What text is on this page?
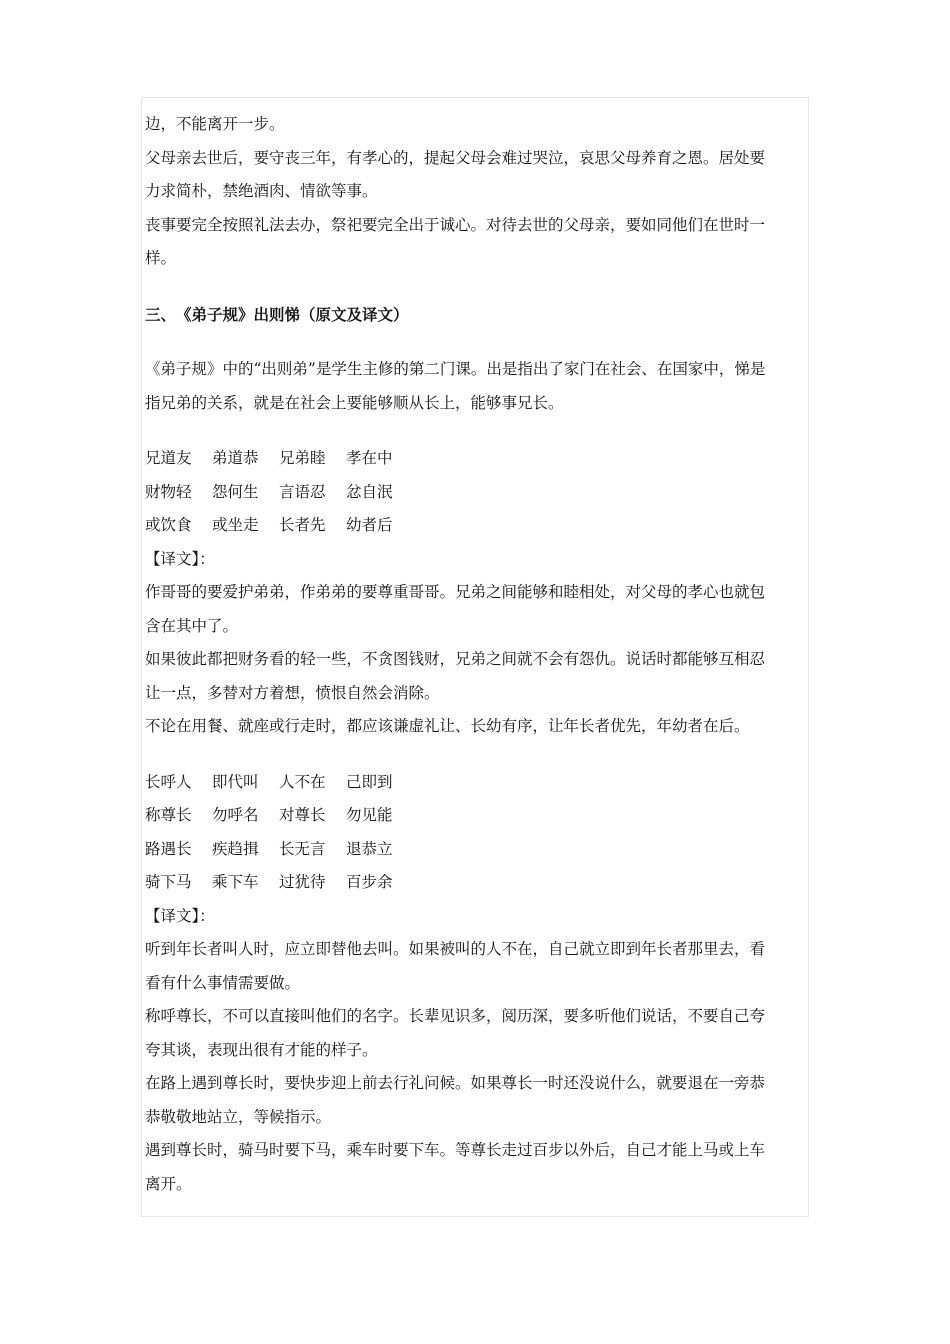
边，不能离开一步。
父母亲去世后，要守丧三年，有孝心的，提起父母会难过哭泣，哀思父母养育之恩。居处要
力求简朴，禁绝酒肉、情欲等事。
丧事要完全按照礼法去办，祭祀要完全出于诚心。对待去世的父母亲，要如同他们在世时一
样。
三、　《弟子规》出则悌（原文及译文）
《弟子规》中的“出则弟”是学生主修的第二门课。出是指出了家门在社会、在国家中，悌是
指兄弟的关系，就是在社会上要能够顺从长上，能够事兄长。
兄道友	弟道恭	兄弟睦	孝在中
财物轻	怨何生	言语忍	忿自泯
或饮食	或坐走	长者先	幼者后
【译文】：
作哥哥的要爱护弟弟，作弟弟的要尊重哥哥。兄弟之间能够和睦相处，对父母的孝心也就包
含在其中了。
如果彼此都把财务看的轻一些，不贪图钱财，兄弟之间就不会有怨仇。说话时都能够互相忍
让一点，多替对方着想，愤恨自然会消除。
不论在用餐、就座或行走时，都应该谦虚礼让、长幼有序，让年长者优先，年幼者在后。
长呼人	即代叫	人不在	己即到
称尊长	勿呼名	对尊长	勿见能
路遇长	疾趋揖	长无言	退恭立
骑下马	乘下车	过犹待	百步余
【译文】：
听到年长者叫人时，应立即替他去叫。如果被叫的人不在，自己就立即到年长者那里去，看
看有什么事情需要做。
称呼尊长，不可以直接叫他们的名字。长辈见识多，阅历深，要多听他们说话，不要自己夸
夸其谈，表现出很有才能的样子。
在路上遇到尊长时，要快步迎上前去行礼问候。如果尊长一时还没说什么，就要退在一旁恭
恭敬敬地站立，等候指示。
遇到尊长时，骑马时要下马，乘车时要下车。等尊长走过百步以外后，自己才能上马或上车
离开。
